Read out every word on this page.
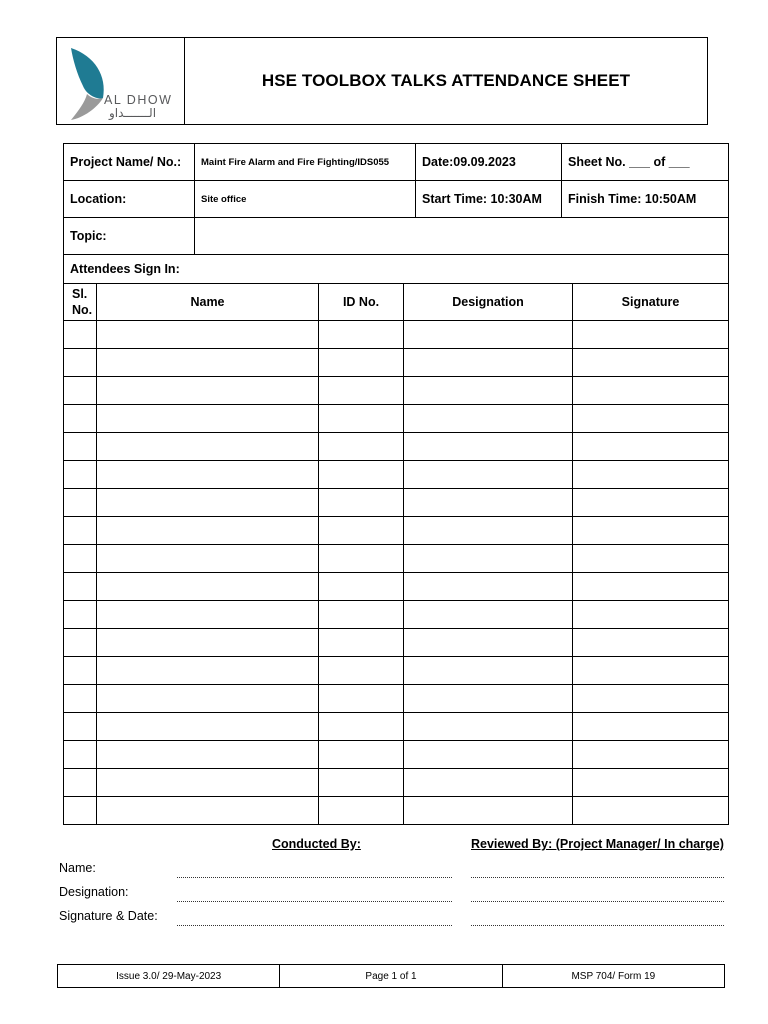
AL DHOW
الـــــــداو
HSE TOOLBOX TALKS ATTENDANCE SHEET
Project Name/ No.:	Maint Fire Alarm and Fire Fighting/IDS055	Date:09.09.2023	Sheet No. ___ of ___
Location:	Site office	Start Time: 10:30AM	Finish Time: 10:50AM
Topic:			
Attendees Sign In:				
Sl.
No.	Name	ID No.	Designation	Signature

Conducted By:	Reviewed By: (Project Manager/ In charge)
Name:
Designation:
Signature & Date:
Issue 3.0/ 29-May-2023	Page 1 of 1	MSP 704/ Form 19
